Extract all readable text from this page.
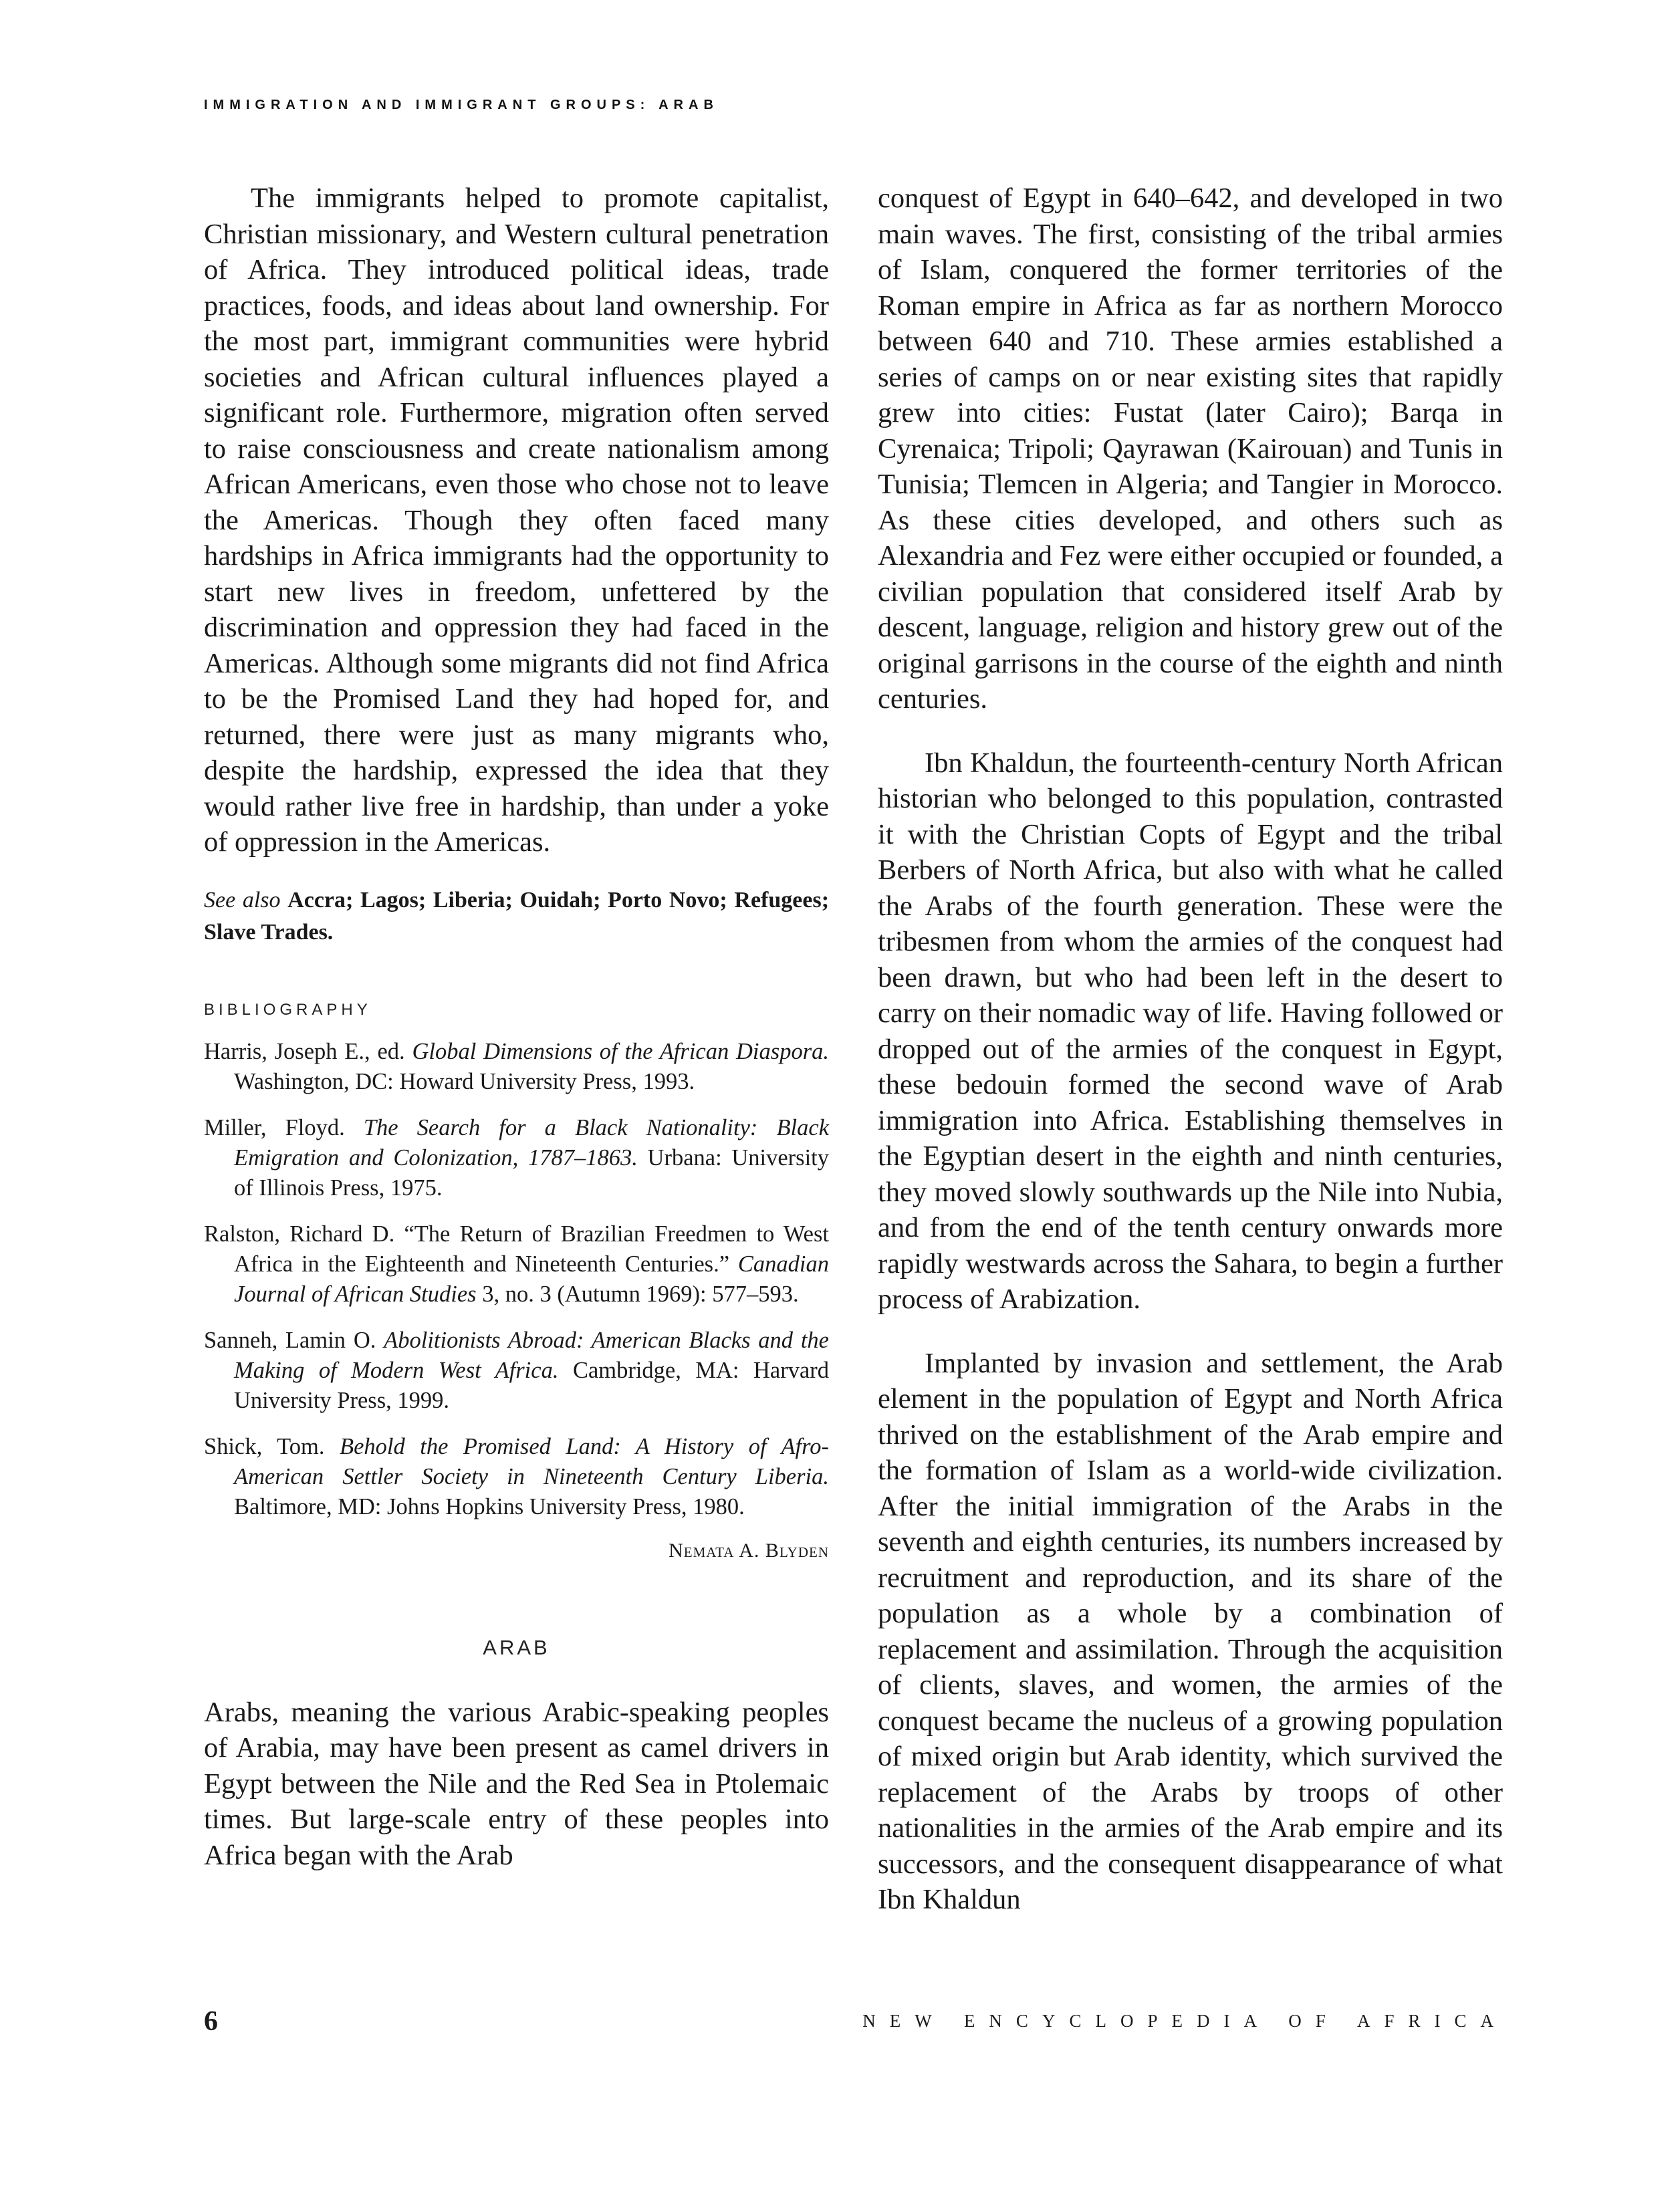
IMMIGRATION AND IMMIGRANT GROUPS: ARAB

The immigrants helped to promote capitalist, Christian missionary, and Western cultural penetration of Africa. They introduced political ideas, trade practices, foods, and ideas about land ownership. For the most part, immigrant communities were hybrid societies and African cultural influences played a significant role. Furthermore, migration often served to raise consciousness and create nationalism among African Americans, even those who chose not to leave the Americas. Though they often faced many hardships in Africa immigrants had the opportunity to start new lives in freedom, unfettered by the discrimination and oppression they had faced in the Americas. Although some migrants did not find Africa to be the Promised Land they had hoped for, and returned, there were just as many migrants who, despite the hardship, expressed the idea that they would rather live free in hardship, than under a yoke of oppression in the Americas.

See also Accra; Lagos; Liberia; Ouidah; Porto Novo; Refugees; Slave Trades.
BIBLIOGRAPHY
Harris, Joseph E., ed. Global Dimensions of the African Diaspora. Washington, DC: Howard University Press, 1993.
Miller, Floyd. The Search for a Black Nationality: Black Emigration and Colonization, 1787–1863. Urbana: University of Illinois Press, 1975.
Ralston, Richard D. “The Return of Brazilian Freedmen to West Africa in the Eighteenth and Nineteenth Centuries.” Canadian Journal of African Studies 3, no. 3 (Autumn 1969): 577–593.
Sanneh, Lamin O. Abolitionists Abroad: American Blacks and the Making of Modern West Africa. Cambridge, MA: Harvard University Press, 1999.
Shick, Tom. Behold the Promised Land: A History of Afro-American Settler Society in Nineteenth Century Liberia. Baltimore, MD: Johns Hopkins University Press, 1980.
Nemata A. Blyden
ARAB

Arabs, meaning the various Arabic-speaking peoples of Arabia, may have been present as camel drivers in Egypt between the Nile and the Red Sea in Ptolemaic times. But large-scale entry of these peoples into Africa began with the Arab

conquest of Egypt in 640–642, and developed in two main waves. The first, consisting of the tribal armies of Islam, conquered the former territories of the Roman empire in Africa as far as northern Morocco between 640 and 710. These armies established a series of camps on or near existing sites that rapidly grew into cities: Fustat (later Cairo); Barqa in Cyrenaica; Tripoli; Qayrawan (Kairouan) and Tunis in Tunisia; Tlemcen in Algeria; and Tangier in Morocco. As these cities developed, and others such as Alexandria and Fez were either occupied or founded, a civilian population that considered itself Arab by descent, language, religion and history grew out of the original garrisons in the course of the eighth and ninth centuries.

Ibn Khaldun, the fourteenth-century North African historian who belonged to this population, contrasted it with the Christian Copts of Egypt and the tribal Berbers of North Africa, but also with what he called the Arabs of the fourth generation. These were the tribesmen from whom the armies of the conquest had been drawn, but who had been left in the desert to carry on their nomadic way of life. Having followed or dropped out of the armies of the conquest in Egypt, these bedouin formed the second wave of Arab immigration into Africa. Establishing themselves in the Egyptian desert in the eighth and ninth centuries, they moved slowly southwards up the Nile into Nubia, and from the end of the tenth century onwards more rapidly westwards across the Sahara, to begin a further process of Arabization.

Implanted by invasion and settlement, the Arab element in the population of Egypt and North Africa thrived on the establishment of the Arab empire and the formation of Islam as a world-wide civilization. After the initial immigration of the Arabs in the seventh and eighth centuries, its numbers increased by recruitment and reproduction, and its share of the population as a whole by a combination of replacement and assimilation. Through the acquisition of clients, slaves, and women, the armies of the conquest became the nucleus of a growing population of mixed origin but Arab identity, which survived the replacement of the Arabs by troops of other nationalities in the armies of the Arab empire and its successors, and the consequent disappearance of what Ibn Khaldun

6	NEW ENCYCLOPEDIA OF AFRICA
